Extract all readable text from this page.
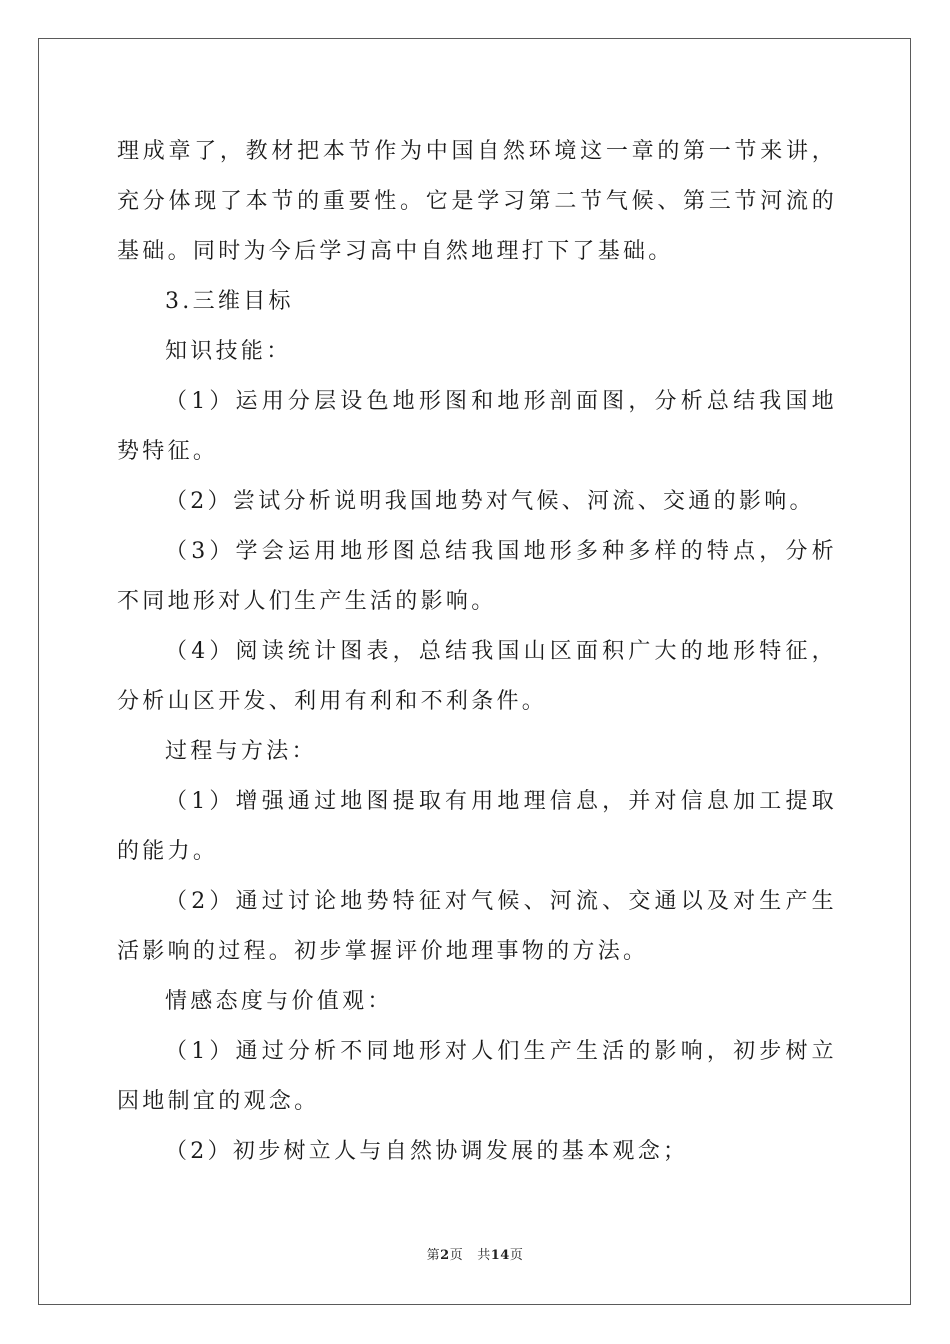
理成章了，教材把本节作为中国自然环境这一章的第一节来讲，充分体现了本节的重要性。它是学习第二节气候、第三节河流的基础。同时为今后学习高中自然地理打下了基础。

3.三维目标

知识技能：

（1）运用分层设色地形图和地形剖面图，分析总结我国地势特征。

（2）尝试分析说明我国地势对气候、河流、交通的影响。

（3）学会运用地形图总结我国地形多种多样的特点，分析不同地形对人们生产生活的影响。

（4）阅读统计图表，总结我国山区面积广大的地形特征，分析山区开发、利用有利和不利条件。

过程与方法：

（1）增强通过地图提取有用地理信息，并对信息加工提取的能力。

（2）通过讨论地势特征对气候、河流、交通以及对生产生活影响的过程。初步掌握评价地理事物的方法。

情感态度与价值观：

（1）通过分析不同地形对人们生产生活的影响，初步树立因地制宜的观念。

（2）初步树立人与自然协调发展的基本观念；

第2页 共14页
